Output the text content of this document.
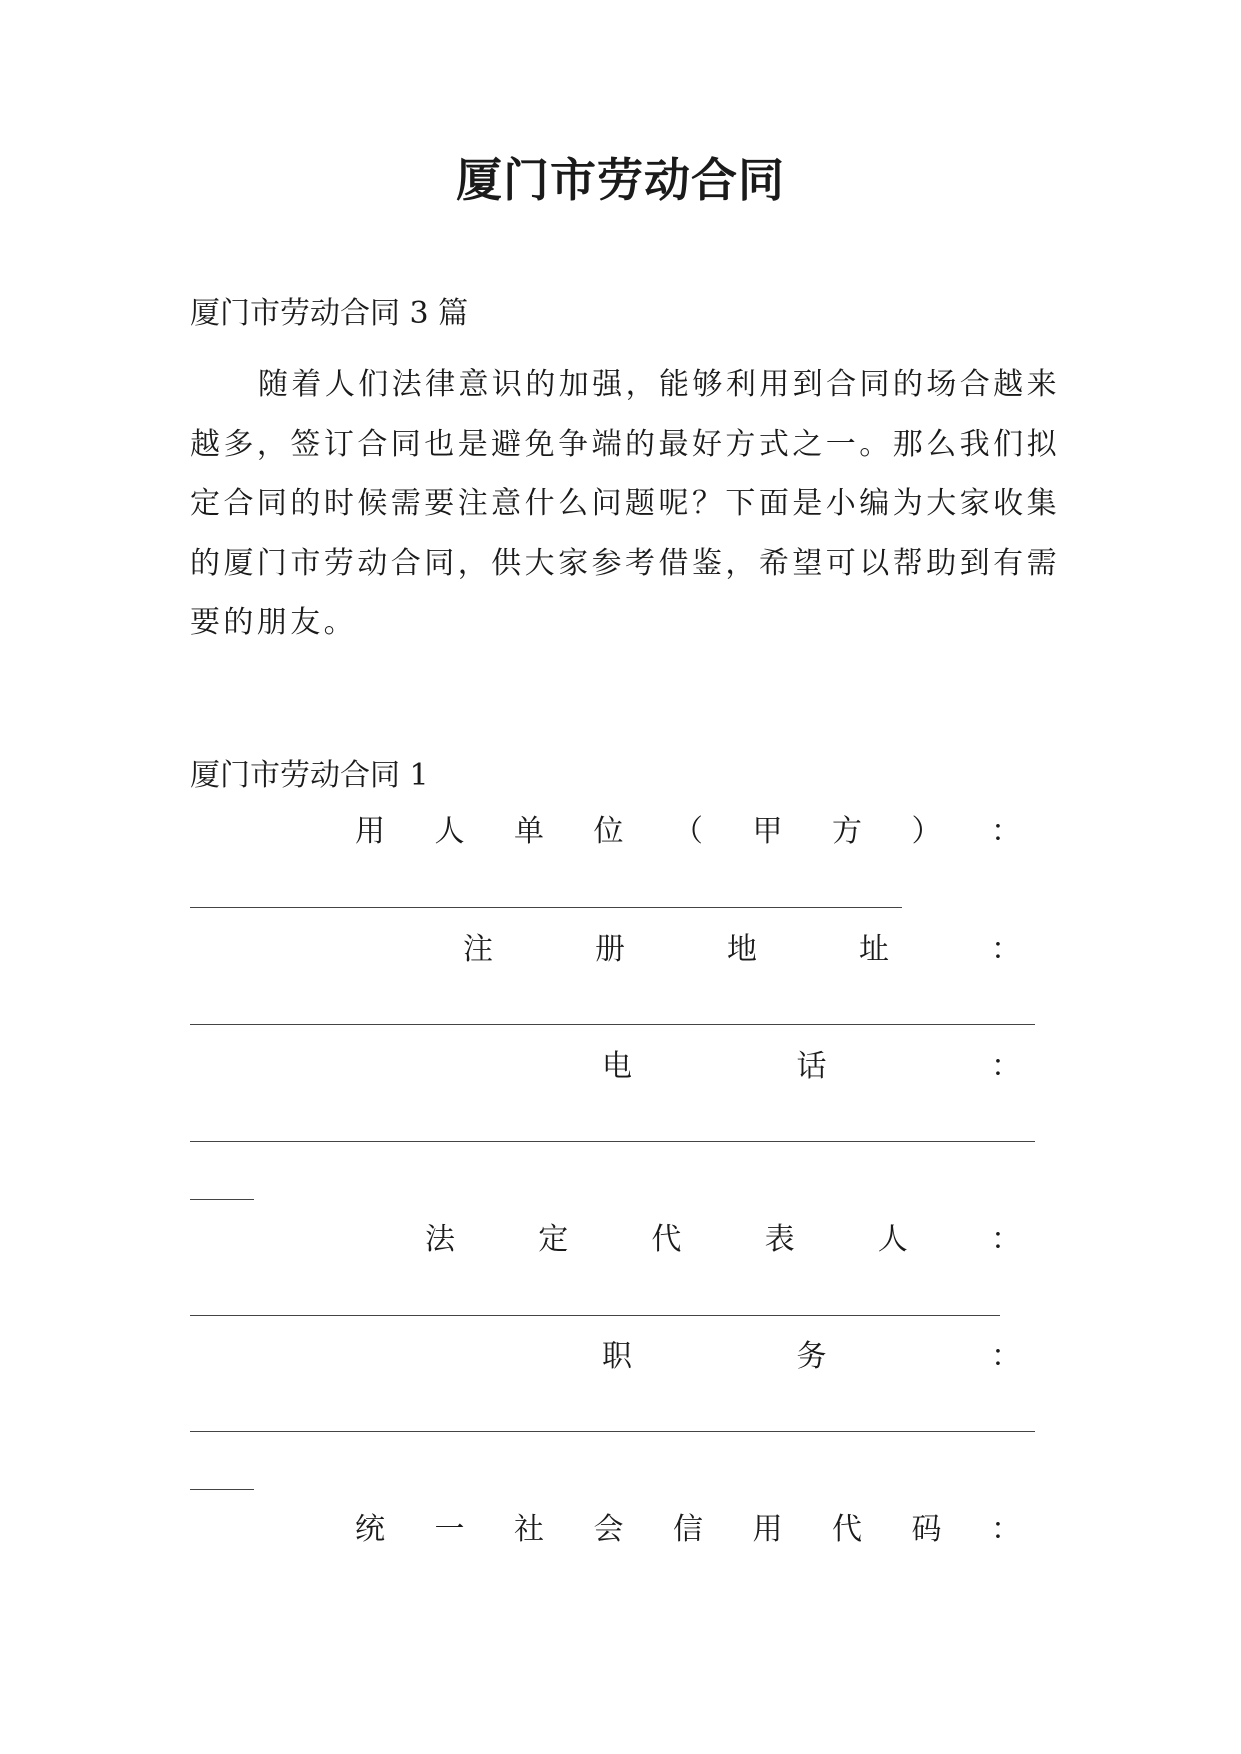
厦门市劳动合同
厦门市劳动合同 3 篇
随着人们法律意识的加强，能够利用到合同的场合越来越多，签订合同也是避免争端的最好方式之一。那么我们拟定合同的时候需要注意什么问题呢？下面是小编为大家收集的厦门市劳动合同，供大家参考借鉴，希望可以帮助到有需要的朋友。
厦门市劳动合同 1
用 人 单 位 （ 甲 方 ） ：
注	册	地	址	：
电	话	：
法	定	代	表	人	：
职	务	：
统 一 社 会 信 用 代 码 ：
